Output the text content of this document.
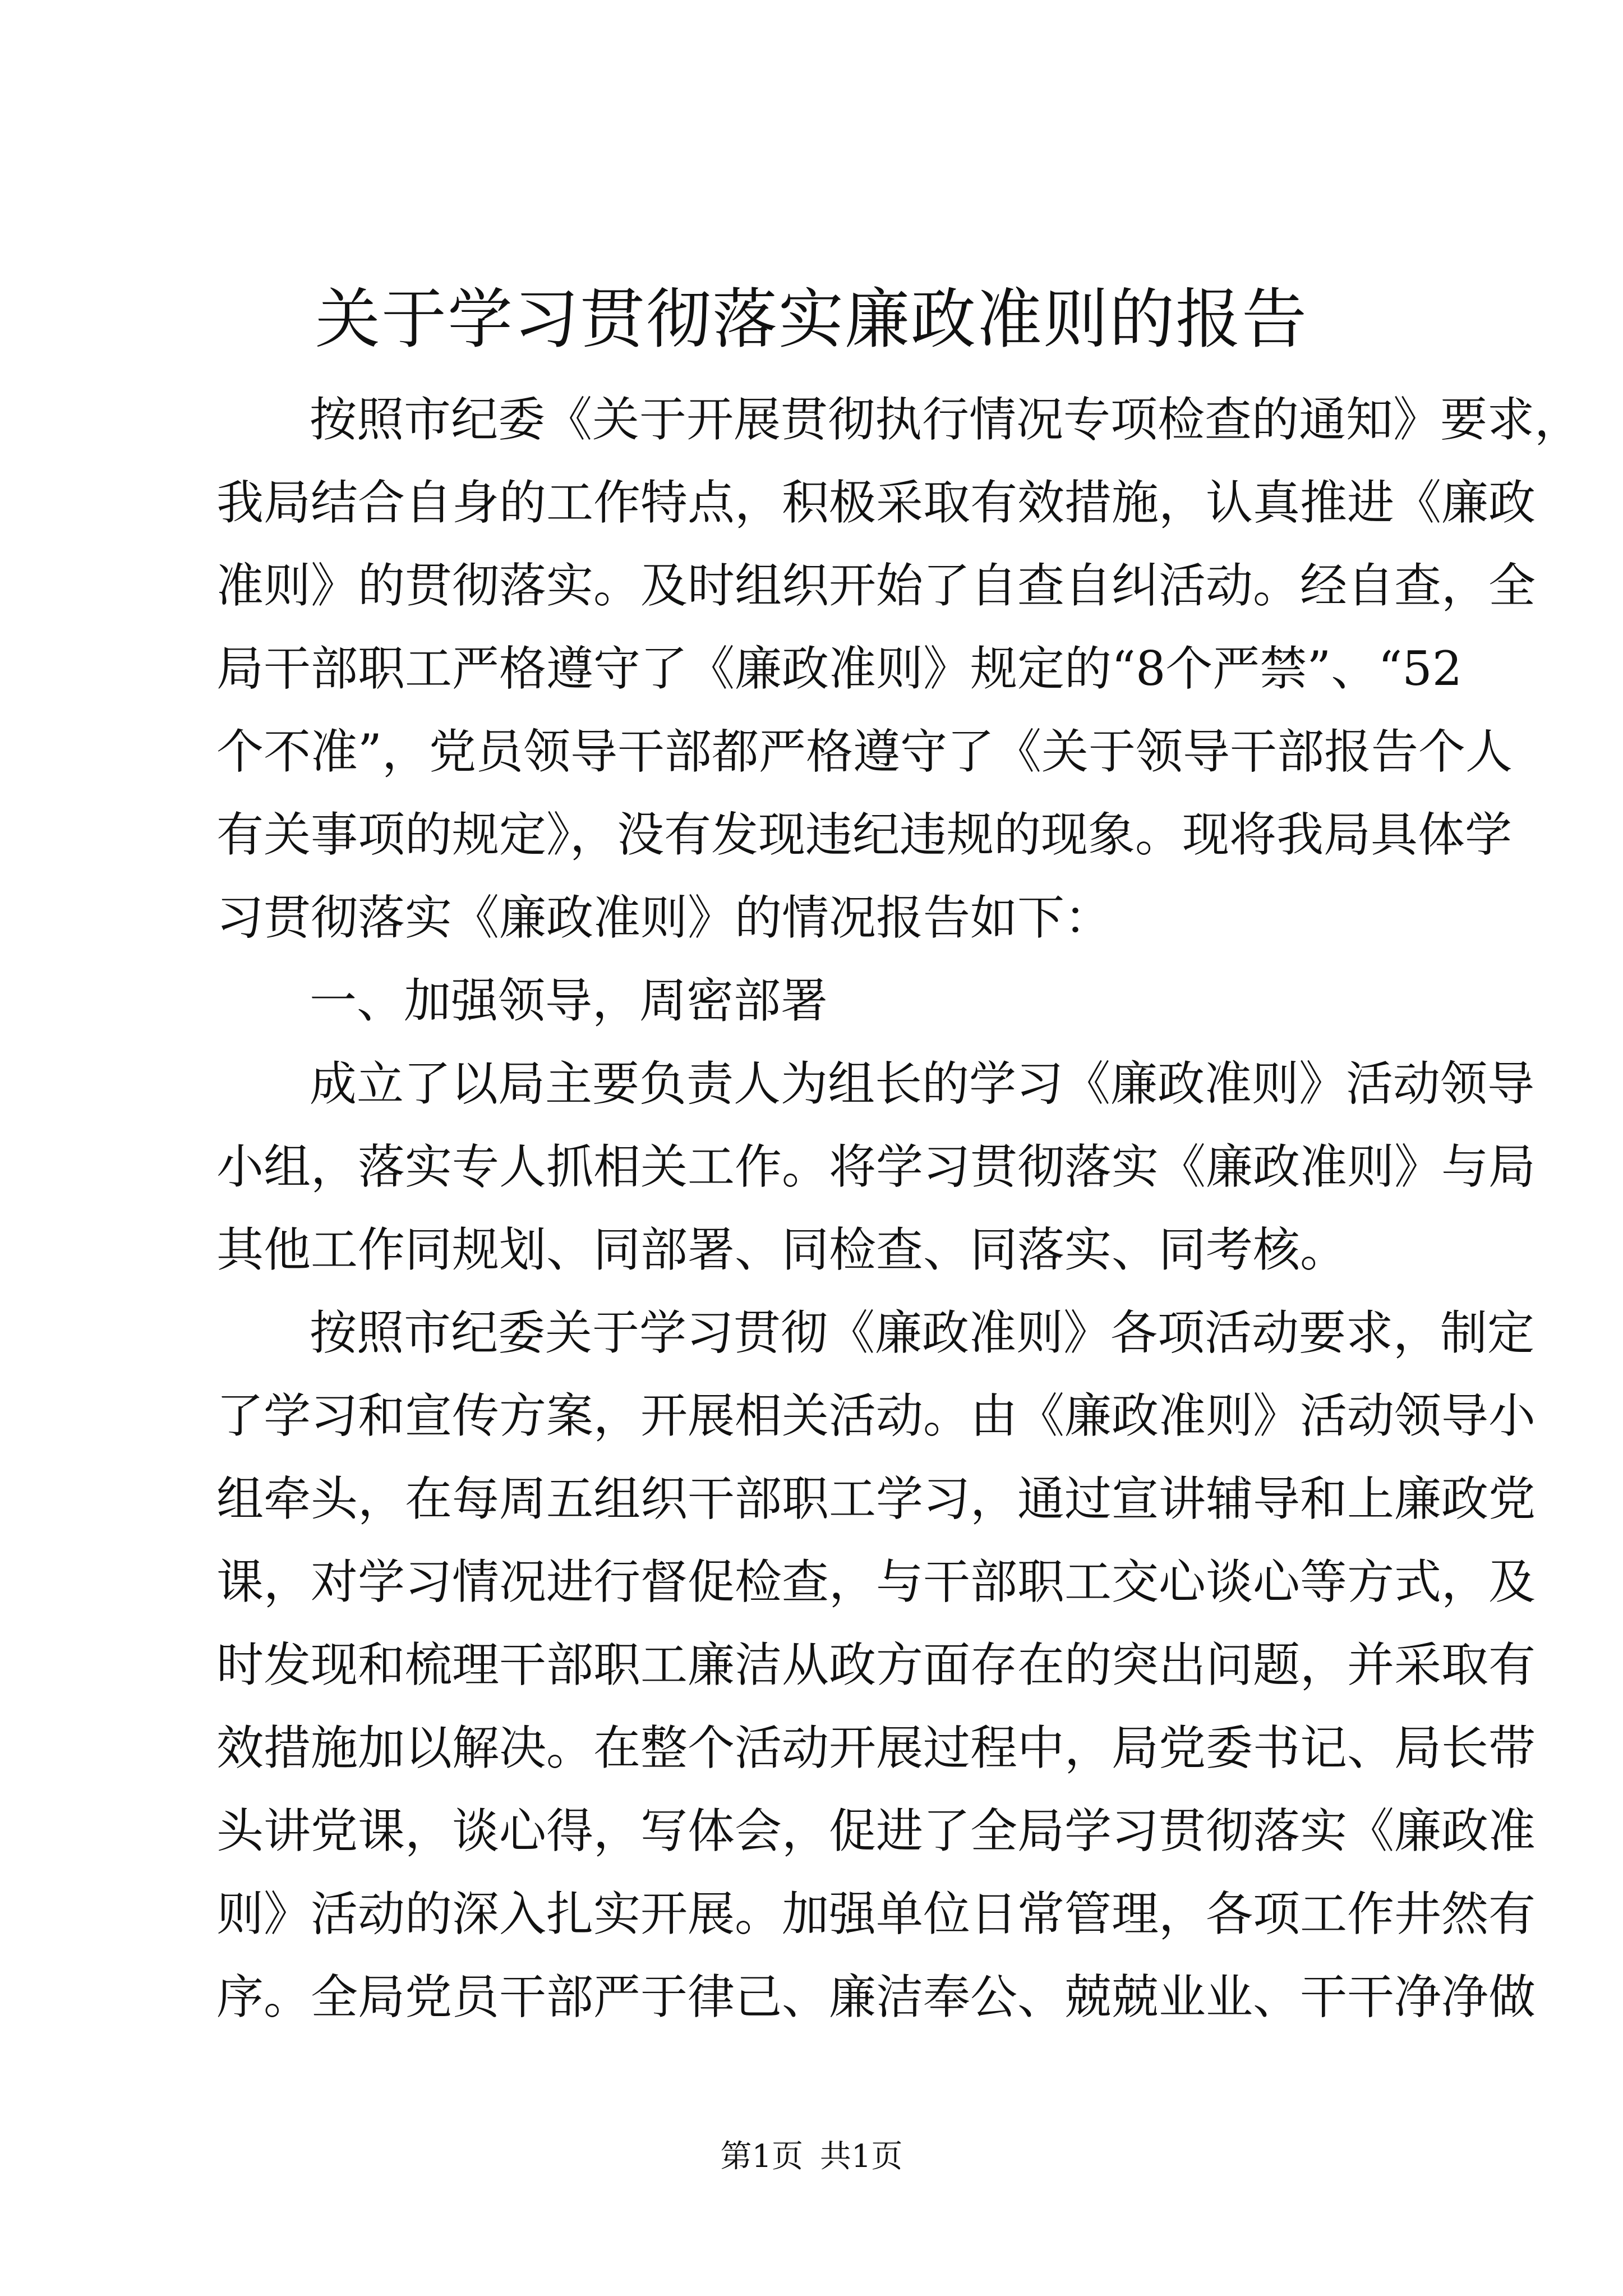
关于学习贯彻落实廉政准则的报告

按照市纪委《关于开展贯彻执行情况专项检查的通知》要求，

我局结合自身的工作特点，积极采取有效措施，认真推进《廉政

准则》的贯彻落实。及时组织开始了自查自纠活动。经自查，全

局干部职工严格遵守了《廉政准则》规定的“8个严禁”、“52

个不准”，党员领导干部都严格遵守了《关于领导干部报告个人

有关事项的规定》，没有发现违纪违规的现象。现将我局具体学

习贯彻落实《廉政准则》的情况报告如下：

一、加强领导，周密部署

成立了以局主要负责人为组长的学习《廉政准则》活动领导

小组，落实专人抓相关工作。将学习贯彻落实《廉政准则》与局

其他工作同规划、同部署、同检查、同落实、同考核。

按照市纪委关于学习贯彻《廉政准则》各项活动要求，制定

了学习和宣传方案，开展相关活动。由《廉政准则》活动领导小

组牵头，在每周五组织干部职工学习，通过宣讲辅导和上廉政党

课，对学习情况进行督促检查，与干部职工交心谈心等方式，及

时发现和梳理干部职工廉洁从政方面存在的突出问题，并采取有

效措施加以解决。在整个活动开展过程中，局党委书记、局长带

头讲党课，谈心得，写体会，促进了全局学习贯彻落实《廉政准

则》活动的深入扎实开展。加强单位日常管理，各项工作井然有

序。全局党员干部严于律己、廉洁奉公、兢兢业业、干干净净做

第1页 共1页
